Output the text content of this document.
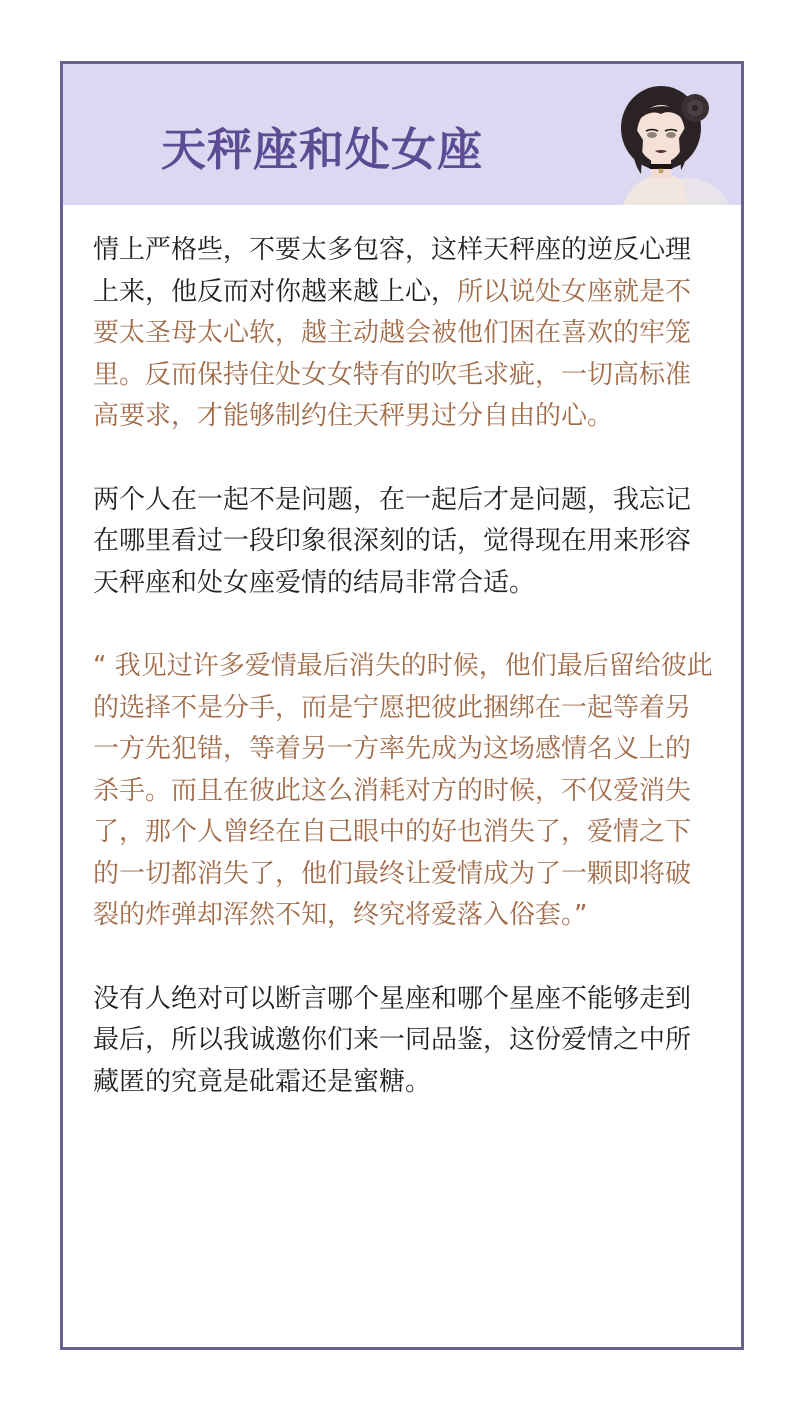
天秤座和处女座

情上严格些，不要太多包容，这样天秤座的逆反心理
上来，他反而对你越来越上心，所以说处女座就是不
要太圣母太心软，越主动越会被他们困在喜欢的牢笼
里。反而保持住处女女特有的吹毛求疵，一切高标准
高要求，才能够制约住天秤男过分自由的心。

两个人在一起不是问题，在一起后才是问题，我忘记
在哪里看过一段印象很深刻的话，觉得现在用来形容
天秤座和处女座爱情的结局非常合适。

“ 我见过许多爱情最后消失的时候，他们最后留给彼此
的选择不是分手，而是宁愿把彼此捆绑在一起等着另
一方先犯错，等着另一方率先成为这场感情名义上的
杀手。而且在彼此这么消耗对方的时候，不仅爱消失
了，那个人曾经在自己眼中的好也消失了，爱情之下
的一切都消失了，他们最终让爱情成为了一颗即将破
裂的炸弹却浑然不知，终究将爱落入俗套。”

没有人绝对可以断言哪个星座和哪个星座不能够走到
最后，所以我诚邀你们来一同品鉴，这份爱情之中所
藏匿的究竟是砒霜还是蜜糖。
